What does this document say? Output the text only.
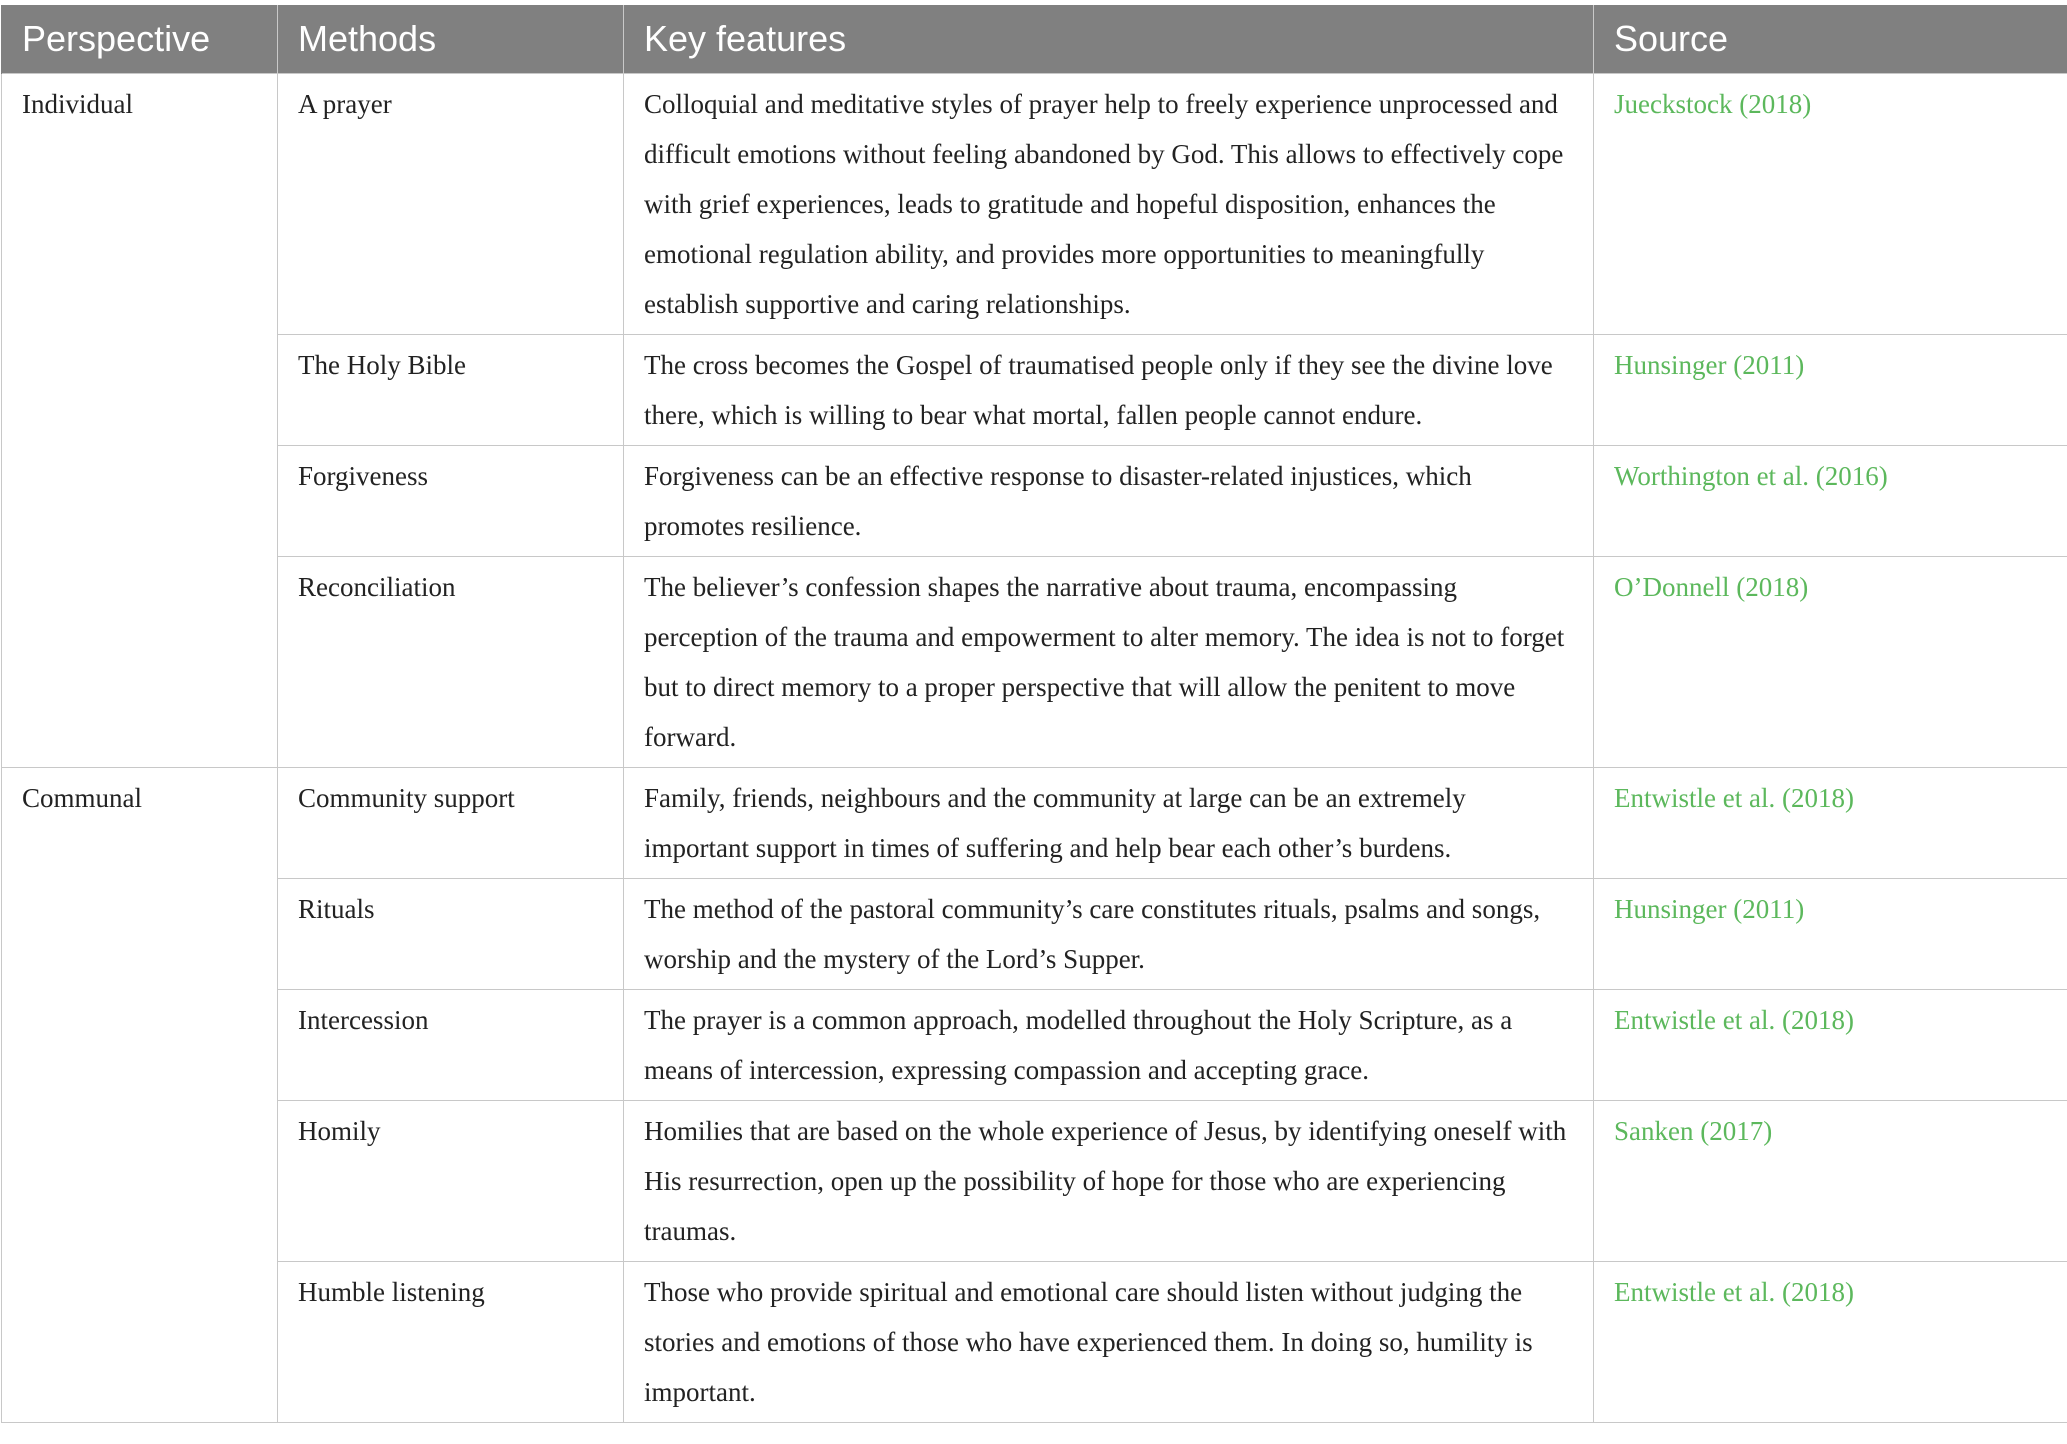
Perspective	Methods	Key features	Source
Individual	A prayer	Colloquial and meditative styles of prayer help to freely experience unprocessed and difficult emotions without feeling abandoned by God. This allows to effectively cope with grief experiences, leads to gratitude and hopeful disposition, enhances the emotional regulation ability, and provides more opportunities to meaningfully establish supportive and caring relationships.	Jueckstock (2018)
	The Holy Bible	The cross becomes the Gospel of traumatised people only if they see the divine love there, which is willing to bear what mortal, fallen people cannot endure.	Hunsinger (2011)
	Forgiveness	Forgiveness can be an effective response to disaster-related injustices, which promotes resilience.	Worthington et al. (2016)
	Reconciliation	The believer’s confession shapes the narrative about trauma, encompassing perception of the trauma and empowerment to alter memory. The idea is not to forget but to direct memory to a proper perspective that will allow the penitent to move forward.	O’Donnell (2018)
Communal	Community support	Family, friends, neighbours and the community at large can be an extremely important support in times of suffering and help bear each other’s burdens.	Entwistle et al. (2018)
	Rituals	The method of the pastoral community’s care constitutes rituals, psalms and songs, worship and the mystery of the Lord’s Supper.	Hunsinger (2011)
	Intercession	The prayer is a common approach, modelled throughout the Holy Scripture, as a means of intercession, expressing compassion and accepting grace.	Entwistle et al. (2018)
	Homily	Homilies that are based on the whole experience of Jesus, by identifying oneself with His resurrection, open up the possibility of hope for those who are experiencing traumas.	Sanken (2017)
	Humble listening	Those who provide spiritual and emotional care should listen without judging the stories and emotions of those who have experienced them. In doing so, humility is important.	Entwistle et al. (2018)
